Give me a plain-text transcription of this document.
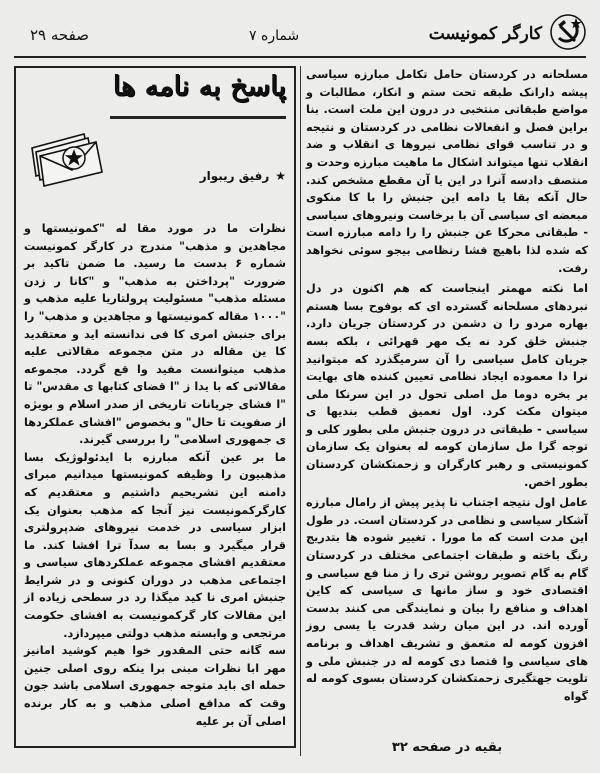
کارگر کمونیست
شماره ۷
صفحه ۲۹

مسلحانه در کردستان حامل تکامل مبارزه سیاسی پیشه دارانک طبقه تحت ستم و انکار، مطالبات و مواضع طبقاتی منتخبی در درون این ملت است. بنا براین فصل و انفعالات نظامی در کردستان و نتیجه و در تناسب قوای نظامی نیروها ی انقلاب و ضد انقلاب تنها میتواند اشکال ما ماهیت مبارزه وحدت و منتصف دادسه آنرا در این یا آن مقطع مشخص کند. حال آنکه بقا یا دامه این جنبش را با کا منکوی مبعضه ای سیاسی آن با برخاست ونیروهای سیاسی - طبقاتی محرکا عن جنبش را را دامه مبارزه است که شده لذا باهیچ فشا رنظامی بیجو سوئی نخواهد رفت.

اما نکته مهمتر اینجاست که هم اکنون در دل نبردهای مسلحانه گسترده ای که بوفوح بسا هستم بهاره مردو را ن دشمن در کردستان جریان دارد. جنبش خلق کرد نه یک مهر قهرائی ، بلکه بسه جریان کامل سیاسی را آن سرمیگذرد که میتوانید نرا دا معموده ایجاد نظامی تعیین کننده های بهایت بر بخره دوما مل اصلی تحول در این سرنکا ملی میتوان مکث کرد. اول تعمیق قطب بندیها ی سیاسی - طبقاتی در درون جنبش ملی بطور کلی و توجه گرا مل سازمان کومه له بعنوان یک سازمان کمونیستی و رهبر کارگران و زحمتکشان کردستان بطور اخص.

عامل اول نتیجه اجتناب نا پذیر پیش از رامال مبارزه آشکار سیاسی و نظامی در کردستان است. در طول این مدت است که ما مورا . تغییر شوده ها بتدریج رنگ باخته و طبقات اجتماعی مختلف در کردستان گام به گام تصویر روشن تری را ز منا فع سیاسی و اقتصادی خود و ساز مانها ی سیاسی که کاین اهداف و منافع را بیان و نمایندگی می کنند بدست آورده اند. در این میان رشد قدرت یا یسی روز افزون کومه له متعمق و تشریف اهداف و برنامه های سیاسی وا قتصا دی کومه له در جنبش ملی و تلویت جهتگیری زحمتکشان کردستان بسوی کومه له گواه

پاسخ به نامه ها
★رفیق ریبوار

نظرات ما در مورد مقا له "کمونیستها و مجاهدین و مذهب" مندرج در کارگر کمونیست شماره ۶ بدست ما رسید. ما ضمن تاکید بر ضرورت "پرداختن به مذهب" و "کانا ر زدن مسئله مذهب" مسئولیت پرولتاریا علیه مذهب و "۱۰۰۰ مقاله کمونیستها و مجاهدین و مذهب" را برای جنبش امری کا فی ندانسته اید و معتقدید کا ین مقاله در متن مجموعه مقالاتی علیه مذهب میتوانست مفید وا قع گردد. مجموعه مقالاتی که با یدا ز "ا قضای کتابها ی مقدس" تا "ا فشای جریانات تاریخی از صدر اسلام و بویژه از صفویت تا حال" و بخصوص "افشای عملکردها ی جمهوری اسلامی" را بررسی گیرند.

ما بر عین آنکه مبارزه با ایدئولوژیک بسا مذهبیون را وظیفه کمونیستها میدانیم مبرای دامنه این تشریحیم داشتیم و معتقدیم که کارگرکمونیست نیز آنجا که مذهب بعنوان یک ابزار سیاسی در خدمت نیروهای ضدپرولتری قرار میگیرد و بسا به سدآ ترا افشا کند. ما معتقدیم افشای مجموعه عملکردهای سیاسی و اجتماعی مذهب در دوران کنونی و در شرایط جنبش امری نا کید میگذا رد در سطحی زیاده از این مقالات کار گرکمونیست به افشای حکومت مرتجعی و وابسته مذهب دولتی میپردازد.

سه گانه حتی المقدور خوا هیم کوشید امانیز مهر ابا نظرات مبنی برا ینکه روی اصلی جنین حمله ای باید متوجه جمهوری اسلامی باشد جون وقت که مدافع اصلی مذهب و به کار برنده اصلی آن بر علیه

بقیه در صفحه ۳۲
